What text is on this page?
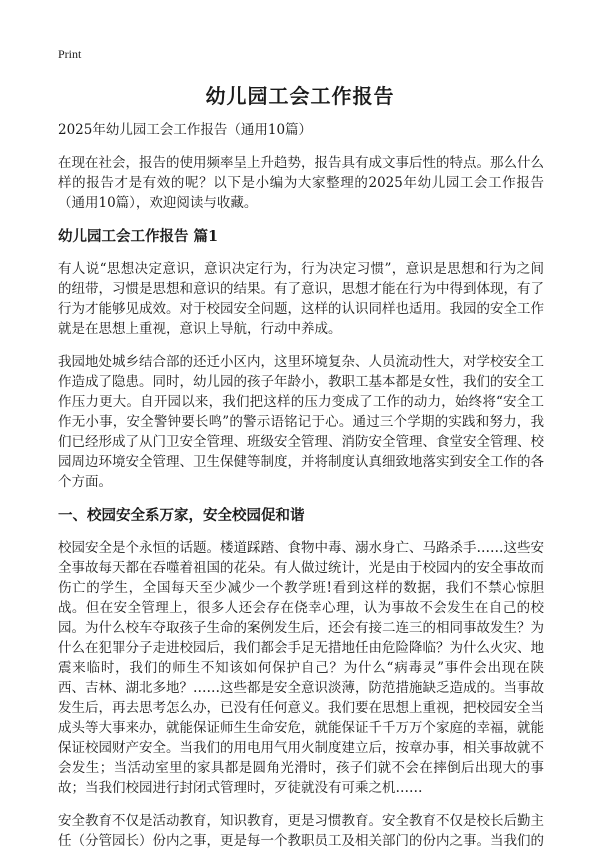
Print
幼儿园工会工作报告

2025年幼儿园工会工作报告（通用10篇）

在现在社会，报告的使用频率呈上升趋势，报告具有成文事后性的特点。那么什么样的报告才是有效的呢？以下是小编为大家整理的2025年幼儿园工会工作报告（通用10篇），欢迎阅读与收藏。

幼儿园工会工作报告 篇1

有人说“思想决定意识，意识决定行为，行为决定习惯”，意识是思想和行为之间的纽带，习惯是思想和意识的结果。有了意识，思想才能在行为中得到体现，有了行为才能够见成效。对于校园安全问题，这样的认识同样也适用。我园的安全工作就是在思想上重视，意识上导航，行动中养成。

我园地处城乡结合部的还迁小区内，这里环境复杂、人员流动性大，对学校安全工作造成了隐患。同时，幼儿园的孩子年龄小，教职工基本都是女性，我们的安全工作压力更大。自开园以来，我们把这样的压力变成了工作的动力，始终将“安全工作无小事，安全警钟要长鸣”的警示语铭记于心。通过三个学期的实践和努力，我们已经形成了从门卫安全管理、班级安全管理、消防安全管理、食堂安全管理、校园周边环境安全管理、卫生保健等制度，并将制度认真细致地落实到安全工作的各个方面。

一、校园安全系万家，安全校园促和谐

校园安全是个永恒的话题。楼道踩踏、食物中毒、溺水身亡、马路杀手……这些安全事故每天都在吞噬着祖国的花朵。有人做过统计，光是由于校园内的安全事故而伤亡的学生，全国每天至少减少一个教学班!看到这样的数据，我们不禁心惊胆战。但在安全管理上，很多人还会存在侥幸心理，认为事故不会发生在自己的校园。为什么校车夺取孩子生命的案例发生后，还会有接二连三的相同事故发生？为什么在犯罪分子走进校园后，我们都会手足无措地任由危险降临？为什么火灾、地震来临时，我们的师生不知该如何保护自己？为什么“病毒灵”事件会出现在陕西、吉林、湖北多地？……这些都是安全意识淡薄，防范措施缺乏造成的。当事故发生后，再去思考怎么办，已没有任何意义。我们要在思想上重视，把校园安全当成头等大事来办，就能保证师生生命安危，就能保证千千万万个家庭的幸福，就能保证校园财产安全。当我们的用电用气用火制度建立后，按章办事，相关事故就不会发生；当活动室里的家具都是圆角光滑时，孩子们就不会在摔倒后出现大的事故；当我们校园进行封闭式管理时，歹徒就没有可乘之机……

安全教育不仅是活动教育，知识教育，更是习惯教育。安全教育不仅是校长后勤主任（分管园长）份内之事，更是每一个教职员工及相关部门的份内之事。当我们的
